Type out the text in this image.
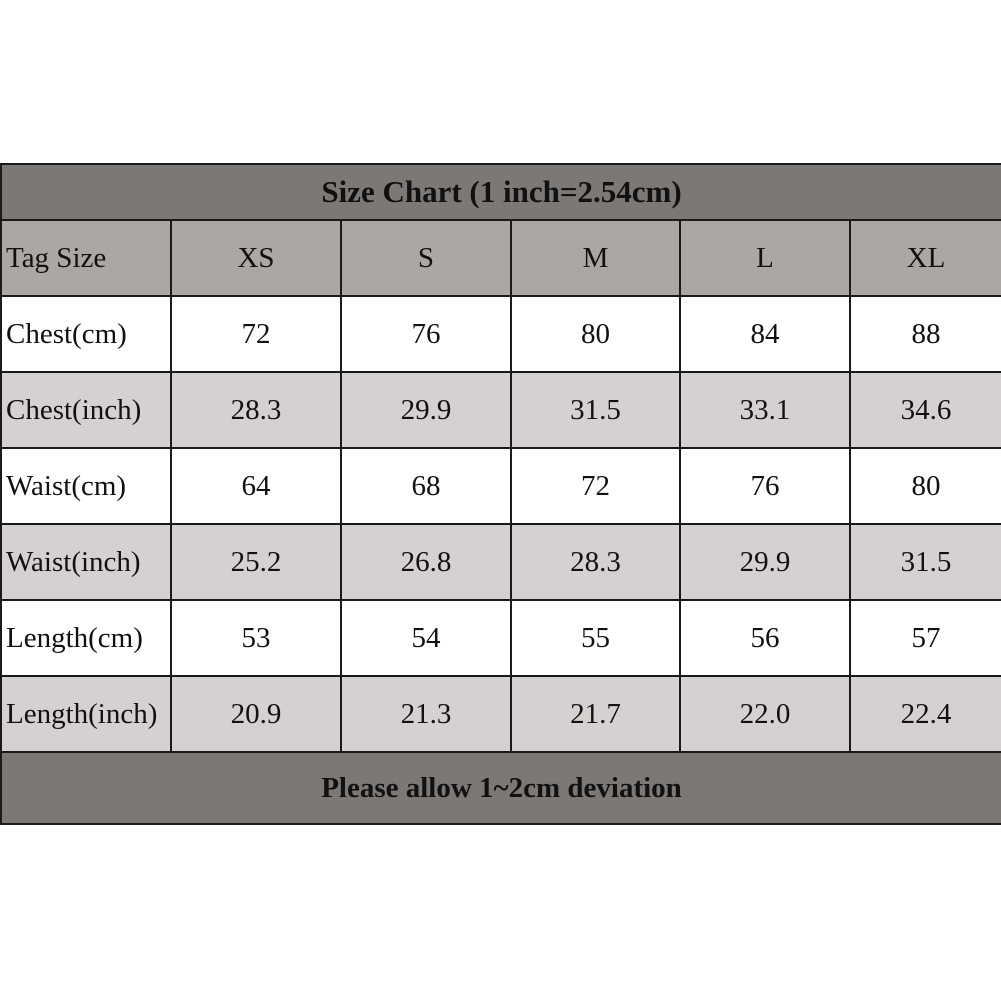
Size Chart (1 inch=2.54cm)					
Tag Size	XS	S	M	L	XL
Chest(cm)	72	76	80	84	88
Chest(inch)	28.3	29.9	31.5	33.1	34.6
Waist(cm)	64	68	72	76	80
Waist(inch)	25.2	26.8	28.3	29.9	31.5
Length(cm)	53	54	55	56	57
Length(inch)	20.9	21.3	21.7	22.0	22.4
Please allow 1~2cm deviation					
